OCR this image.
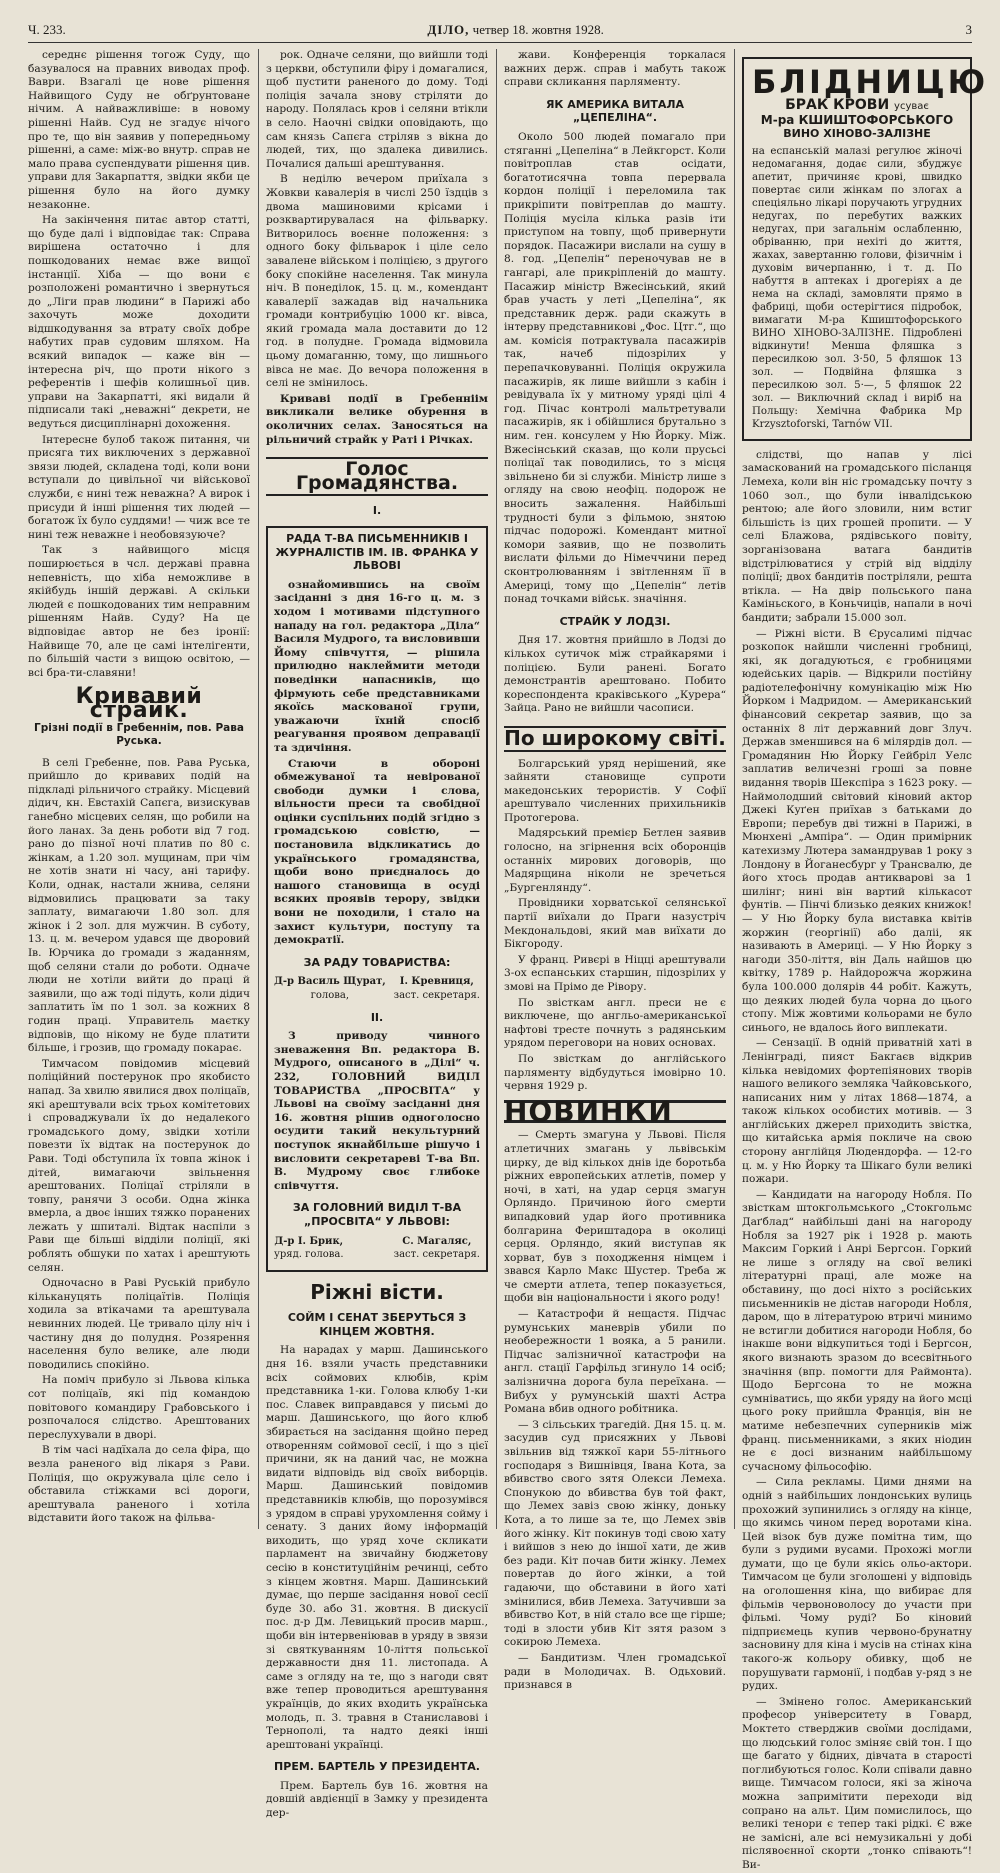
Ч. 233.	ДІЛО, четвер 18. жовтня 1928.	3

середнє рішення тогож Суду, що базувалося на правних виводах проф. Ваври. Взагалі це нове рішення Найвищого Суду не обґрунтоване нічим. А найважливіше: в новому рішенні Найв. Суд не згадує нічого про те, що він заявив у попередньому рішенні, а саме: між-во внутр. справ не мало права суспендувати рішення цив. управи для Закарпаття, звідки якби це рішення було на його думку незаконне.

На закінчення питає автор статті, що буде далі і відповідає так: Справа вирішена остаточно і для пошкодованих немає вже вищої інстанції. Хіба — що вони є розположені романтично і звернуться до „Ліги прав людини“ в Парижі або захочуть може доходити відшкодування за втрату своїх добре набутих прав судовим шляхом. На всякий випадок — каже він — інтересна річ, що проти нікого з референтів і шефів колишньої цив. управи на Закарпатті, які видали й підписали такі „неважні“ декрети, не ведуться дисциплінарні дохоження.

Інтересне булоб також питання, чи присяга тих виключених з державної звязи людей, складена тоді, коли вони вступали до цивільної чи військової служби, є нині теж неважна? А вирок і присуди й інші рішення тих людей — богатож їх було суддями! — чиж все те нині теж неважне і необовязуюче?

Так з найвищого місця поширюється в чсл. державі правна непевність, що хіба неможливе в якійбудь іншій державі. А скільки людей є пошкодованих тим неправним рішенням Найв. Суду? На це відповідає автор не без іронії: Найвище 70, але це самі інтелігенти, по більшій части з вищою освітою, — всі бра-ти-славяни!

Кривавий страйк.
Грізні події в Гребеннім, пов. Рава Руська.

В селі Гребенне, пов. Рава Руська, прийшло до кривавих подій на підкладі рільничого страйку. Місцевий дідич, кн. Евстахій Сапєга, визискував ганебно місцевих селян, що робили на його ланах. За день роботи від 7 год. рано до пізної ночі платив по 80 с. жінкам, а 1.20 зол. мущинам, при чім не хотів знати ні часу, ані тарифу. Коли, однак, настали жнива, селяни відмовились працювати за таку заплату, вимагаючи 1.80 зол. для жінок і 2 зол. для мужчин. В суботу, 13. ц. м. вечером удався ще дворовий Ів. Юрчика до громади з жаданням, щоб селяни стали до роботи. Одначе люди не хотіли вийти до праці й заявили, що аж тоді підуть, коли дідич заплатить їм по 1 зол. за кожних 8 годин праці. Управитель маєтку відповів, що нікому не буде платити більше, і грозив, що громаду покарає.

Тимчасом повідомив місцевий поліційний постерунок про якобисто напад. За хвилю явилися двох поліцаїв, які арештували всіх трьох комітетових і спроваджували їх до недалекого громадського дому, звідки хотіли повезти їх відтак на постерунок до Рави. Тоді обступила їх товпа жінок і дітей, вимагаючи звільнення арештованих. Поліцаї стріляли в товпу, ранячи 3 особи. Одна жінка вмерла, а двоє інших тяжко поранених лежать у шпиталі. Відтак наспіли з Рави ще більші відділи поліції, які роблять обшуки по хатах і арештують селян.

Одночасно в Раві Руській прибуло кількануцять поліцаїтів. Поліція ходила за втікачами та арештувала невинних людей. Це тривало цілу ніч і частину дня до полудня. Розярення населення було велике, але люди поводились спокійно.

На поміч прибуло зі Львова кілька сот поліцаїв, які під командою повітового командиру Грабовського і розпочалося слідство. Арештованих переслухували в дворі.

В тім часі надїхала до села фіра, що везла раненого від лікаря з Рави. Поліція, що окружувала цілє село і обставила стіжками всі дороги, арештувала раненого і хотіла відставити його також на фільва-

рок. Одначе селяни, що вийшли тоді з церкви, обступили фіру і домагалися, щоб пустити раненого до дому. Тоді поліція зачала знову стріляти до народу. Полялась кров і селяни втікли в село. Наочні свідки оповідають, що сам князь Сапєга стріляв з вікна до людей, тих, що здалека дивились. Почалися дальші арештування.

В неділю вечером приїхала з Жовкви кавалерія в числі 250 їздців з двома машиновими крісами і розквартирувалася на фільварку. Витворилось воєнне положення: з одного боку фільварок і ціле село завалене військом і поліцією, з другого боку спокійне населення. Так минула ніч. В понеділок, 15. ц. м., комендант кавалерії зажадав від начальника громади контрибуцію 1000 кг. вівса, який громада мала доставити до 12 год. в полудне. Громада відмовила цьому домаганню, тому, що лишнього вівса не має. До вечора положення в селі не змінилось.

Криваві події в Гребенніім викликали велике обурення в околичних селах. Заносяться на рільничий страйк у Раті і Річках.

Голос Громадянства.
I.
РАДА Т-ВА ПИСЬМЕННИКІВ І ЖУРНАЛІСТІВ ІМ. ІВ. ФРАНКА У ЛЬВОВІ

ознайомившись на своїм засіданні з дня 16-го ц. м. з ходом і мотивами підступного нападу на гол. редактора „Діла“ Василя Мудрого, та висловивши Йому співчуття, — рішила прилюдно наклеймити методи поведінки напасників, що фірмують себе представниками якоїсь маскованої групи, уважаючи їхній спосіб реагування проявом деправації та здичіння.

Стаючи в обороні обмежуваної та невірованої свободи думки і слова, вільности преси та свобідної оцінки суспільних подій згідно з громадською совістю, — постановила відкликатись до українського громадянства, щоби воно приєдналось до нашого становища в осуді всяких проявів терору, звідки вони не походили, і стало на захист культури, поступу та демократії.

ЗА РАДУ ТОВАРИСТВА:
Д-р Василь Щурат,
голова,
І. Кревниця,
заст. секретаря.
II.

З приводу чинного зневаження Вп. редактора В. Мудрого, описаного в „Ділі“ ч. 232, ГОЛОВНИЙ ВИДІЛ ТОВАРИСТВА „ПРОСВІТА“ у Львові на своїму засіданні дня 16. жовтня рішив одноголосно осудити такий некультурний поступок якнайбільше рішучо і висловити секретареві Т-ва Вп. В. Мудрому своє глибоке співчуття.

ЗА ГОЛОВНИЙ ВИДІЛ Т-ВА „ПРОСВІТА“ У ЛЬВОВІ:
Д-р І. Брик,
уряд. голова.
С. Магаляс,
заст. секретаря.
Ріжні вісти.
СОЙМ І СЕНАТ ЗБЕРУТЬСЯ З КІНЦЕМ ЖОВТНЯ.

На нарадах у марш. Дашинського дня 16. взяли участь представники всіх соймових клюбів, крім представника 1-ки. Голова клюбу 1-ки пос. Славек виправдався у письмі до марш. Дашинського, що його клюб збирається на засідання щойно перед отворенням соймової сесії, і що з цієї причини, як на даний час, не можна видати відповідь від своїх виборців. Марш. Дашинський повідомив представників клюбів, що порозумівся з урядом в справі урухомлення сойму і сенату. З даних йому інформацій виходить, що уряд хоче скликати парламент на звичайну бюджетову сесію в конституційнім речинці, себто з кінцем жовтня. Марш. Дашинський думає, що перше засідання нової сесії буде 30. або 31. жовтня. В дискусії пос. д-р Дм. Левицький просив марш., щоби він інтервеніював в уряду в звязи зі святкуванням 10-ліття польської державности дня 11. листопада. А саме з огляду на те, що з нагоди свят вже тепер проводиться арештування українців, до яких входить українська молодь, п. 3. травня в Станиславові і Тернополі, та надто деякі інші арештовані українці.

ПРЕМ. БАРТЕЛЬ У ПРЕЗИДЕНТА.

Прем. Бартель був 16. жовтня на довшій авдієнції в Замку у президента дер-

жави. Конференція торкалася важних держ. справ і мабуть також справи скликання парляменту.

ЯК АМЕРИКА ВИТАЛА „ЦЕПЕЛІНА“.

Около 500 людей помагало при стяганні „Цепеліна“ в Лейкгорст. Коли повітроплав став осідати, богатотисячна товпа перервала кордон поліції і переломила так прикріпити повітреплав до машту. Поліція мусіла кілька разів іти приступом на товпу, щоб привернути порядок. Пасажири вислали на сушу в 8. год. „Цепелін“ переночував не в гангарі, але прикріпленій до машту. Пасажир міністр Вжесінський, який брав участь у леті „Цепеліна“, як представник держ. ради скажуть в інтерву представникові „Фос. Цтг.“, що ам. комісія потрактувала пасажирів так, начеб підозрілих у перепачковуванні. Поліція окружила пасажирів, як лише вийшли з кабін і ревідувала їх у митному уряді цілі 4 год. Пічас контролі мальтретували пасажирів, як і обійшлися брутально з ним. ген. консулем у Ню Йорку. Між. Вжесінський сказав, що коли прусьсі поліцаї так поводились, то з місця звільнено би зі служби. Міністр лише з огляду на свою неофіц. подорож не вносить зажалення. Найбільші трудності були з фільмою, знятою підчас подорожі. Комендант митної комори заявив, що не позволить вислати фільми до Німеччини перед сконтролюванням і звітленням її в Америці, тому що „Цепелін“ летів понад точками військ. значіння.

СТРАЙК У ЛОДЗІ.

Дня 17. жовтня прийшло в Лодзі до кількох сутичок між страйкарями і поліцією. Були ранені. Богато демонстрантів арештовано. Побито кореспондента краківського „Курера“ Зайца. Рано не вийшли часописи.

По широкому світі.

Болгарський уряд нерішений, яке зайняти становище супроти македонських терористів. У Софії арештувало численних прихильників Протогерова.

Мадярський премієр Бетлен заявив голосно, на згірнення всіх оборонців останніх мирових договорів, що Мадярщина ніколи не зречеться „Бургенлянду“.

Провідники хорватської селянської партії виїхали до Праги назустріч Мекдональдові, який мав виїхати до Бікгороду.

У франц. Ривєрі в Ніцці арештували 3-ох еспанських старшин, підозрілих у змові на Прімо де Рівору.

По звісткам англ. преси не є виключене, що англьо-американської нафтові тресте почнуть з радянським урядом переговори на нових основах.

По звісткам до англійського парляменту відбудуться імовірно 10. червня 1929 р.

НОВИНКИ

— Смерть змагуна у Львові. Після атлетичних змагань у львівськім цирку, де від кількох днів іде боротьба ріжних европейських атлетів, помер у ночі, в хаті, на удар серця змагун Орляндо. Причиною його смерти випадковий удар його противника болгарина Фериштадора в околиці серця. Орляндо, який виступав як хорват, був з походження німцем і звався Карло Макс Шустер. Треба ж че смерти атлета, тепер показується, щоби він національности і якого роду!

— Катастрофи й нещастя. Підчас румунських маневрів убили по необережности 1 вояка, а 5 ранили. Підчас залізничної катастрофи на англ. стації Гарфільд згинуло 14 осіб; залізнична дорога була переїхана. — Вибух у румунській шахті Астра Романа вбив одного робітника.

— З сільських трагедій. Дня 15. ц. м. засудив суд присяжних у Львові звільнив від тяжкої кари 55-літнього господаря з Вишнівця, Івана Кота, за вбивство свого зятя Олекси Лемеха. Спонукою до вбивства був той факт, що Лемех завіз свою жінку, доньку Кота, а то лише за те, що Лемех звів його жінку. Кіт покинув тоді свою хату і вийшов з нею до іншої хати, де жив без ради. Кіт почав бити жінку. Лемех повертав до його жінки, а той гадаючи, що обставини в його хаті змінилися, вбив Лемеха. Затучивши за вбивство Кот, в ній стало все ще гірше; тоді в злости убив Кіт зятя разом з сокирою Лемеха.

— Бандитизм. Член громадської ради в Молодичах. В. Одьховий. признався в

БЛІДНИЦЮ
БРАК КРОВИ усуває
М-ра КШИШТОФОРСЬКОГО
ВИНО ХІНОВО-ЗАЛІЗНЕ
на еспанській малазі регулює жіночі недомагання, додає сили, збуджує апетит, причиняє крові, швидко повертає сили жінкам по злогах а спеціяльно лікарі поручають угрудних недугах, по перебутих важких недугах, при загальнім ослабленню, обріванню, при нехіті до життя, жахах, завертанню голови, фізичнім і духовім вичерпанню, і т. д. По набуття в аптеках і дрогеріях а де нема на складі, замовляти прямо в фабриці, щоби остерігтися підробок, вимагати М-ра Кшиштофорського ВИНО ХІНОВО-ЗАЛІЗНЕ. Підроблені відкинути! Менша фляшка з пересилкою зол. 3·50, 5 фляшок 13 зол. — Подвійна фляшка з пересилкою зол. 5·—, 5 фляшок 22 зол. — Виключний склад і виріб на Польщу: Хемічна Фабрика Мр Krzysztoforski, Tarnów VII.

слідстві, що напав у лісі замаскований на громадського післанця Лемеха, коли він ніс громадську почту з 1060 зол., що були інвалідською рентою; але його зловили, ним встиг більшість із цих грошей пропити. — У селі Блажова, рядівського повіту, зорганізована ватага бандитів відстрілюватися у стрій від відділу поліції; двох бандитів постріляли, решта втікла. — На двір польського пана Каміньского, в Коньчиців, напали в ночі бандити; забрали 15.000 зол.

— Ріжні вісти. В Єрусалимі підчас розкопок найшли численні гробниці, які, як догадуються, є гробницями юдейських царів. — Відкрили постійну радіотелефонічну комунікацію між Ню Йорком і Мадридом. — Американський фінансовий секретар заявив, що за останніх 8 літ державний довг Злуч. Держав зменшився на 6 мілярдів дол. — Громадянин Ню Йорку Гейбріл Уелс заплатив величезні гроші за повне видання творів Шекспіра з 1623 року. — Наймолодший світовий кіновий актор Джекі Куґен приїхав з батьками до Европи; перебув дві тижні в Парижі, в Мюнхені „Ампіра“. — Один примірник катехизму Лютера замандрував 1 року з Лондону в Йоганесбург у Трансвалю, де його хтось продав антикварові за 1 шилінг; нині він вартий кількасот фунтів. — Пінчі близько деяких книжок! — У Ню Йорку була виставка квітів жоржин (георгінії) або даліі, як називають в Америці. — У Ню Йорку з нагоди 350-ліття, він Даль найшов цю квітку, 1789 р. Найдорожча жоржина була 100.000 долярів 44 робіт. Кажуть, що деяких людей була чорна до цього стопу. Між жовтими кольорами не було синього, не вдалось його виплекати.

— Сензації. В одній приватній хаті в Ленінграді, пияст Бакгаєв відкрив кілька невідомих фортепіянових творів нашого великого земляка Чайковського, написаних ним у літах 1868—1874, а також кількох особистих мотивів. — З англійських джерел приходить звістка, що китайська армія покличе на свою сторону англійця Людендорфа. — 12-го ц. м. у Ню Йорку та Шікаго були великі пожари.

— Кандидати на нагороду Нобля. По звісткам штокгольмського „Стокгольмс Даґблад“ найбільші дані на нагороду Нобля за 1927 рік і 1928 р. мають Максим Горкий і Анрі Бергсон. Горкий не лише з огляду на свої великі літературні праці, але може на обставину, що досі ніхто з російських письменників не дістав нагороди Нобля, даром, що в літературою втричі минимо не встигли добитися нагороди Нобля, бо інакше вони відкупиться тоді і Бергсон, якого визнають зразом до всесвітнього значіння (впр. помогти для Раймонта). Щодо Бергсона то не можна сумніватись, що якби уряду на його мсці цього року прийшла Франція, він не матиме небезпечних суперників між франц. письменниками, з яких ніодин не є досі визнаним найбільшому сучасному фільософію.

— Сила рекламы. Цими днями на одній з найбільших лондонських вулиць прохожий зупинились з огляду на кінце, що якимсь чином перед воротами кіна. Цей візок був дуже помітна тим, що були з рудими вусами. Прохожі могли думати, що це були якісь ольо-актори. Тимчасом це були зголошені у відповідь на оголошення кіна, що вибирає для фільмів червоноволосу до участи при фільмі. Чому руді? Бо кіновий підприємець купив червоно-брунатну засновину для кіна і мусів на стінах кіна такого-ж кольору обивку, щоб не порушувати гармонії, і подбав у-ряд з не рудих.

— Змінено голос. Американський професор університету в Говард, Моктето стверджив своїми дослідами, що людський голос зміняє свій тон. І що ще багато у бідних, дівчата в старості поглибуються голос. Коли співали давно вище. Тимчасом голоси, які за жіноча можна запримітити переходи від сопрано на альт. Цим помислилось, що великі тенори є тепер такі рідкі. Є вже не замісні, але всі немузикальні у добі післявоєнної скорти „тонко співають“! Ви-
